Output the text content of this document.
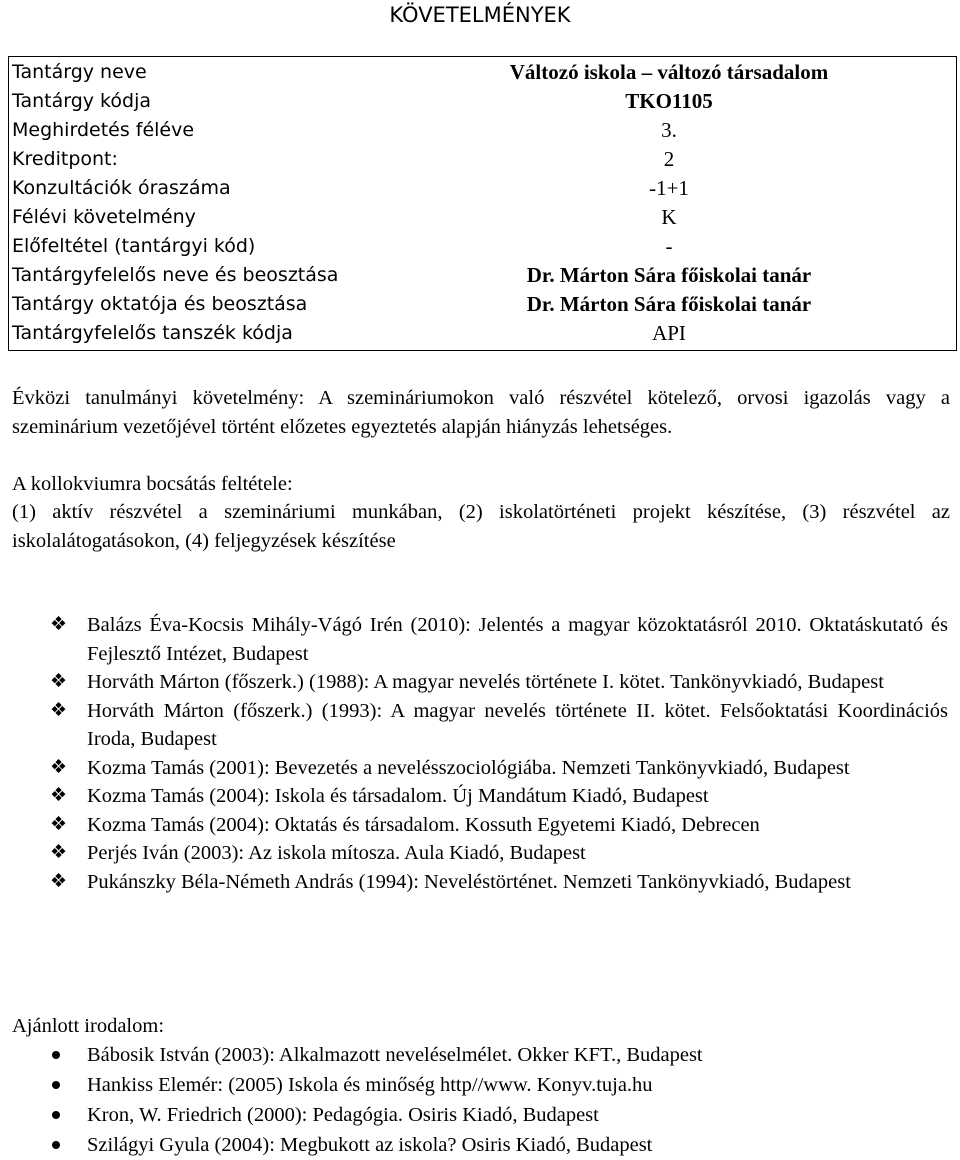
KÖVETELMÉNYEK
Tantárgy neve	Változó iskola – változó társadalom
Tantárgy kódja	TKO1105
Meghirdetés féléve	3.
Kreditpont:	2
Konzultációk óraszáma	-1+1
Félévi követelmény	K
Előfeltétel (tantárgyi kód)	-
Tantárgyfelelős neve és beosztása	Dr. Márton Sára főiskolai tanár
Tantárgy oktatója és beosztása	Dr. Márton Sára főiskolai tanár
Tantárgyfelelős tanszék kódja	API
Évközi tanulmányi követelmény: A szemináriumokon való részvétel kötelező, orvosi igazolás vagy a szeminárium vezetőjével történt előzetes egyeztetés alapján hiányzás lehetséges.
A kollokviumra bocsátás feltétele:
(1) aktív részvétel a szemináriumi munkában, (2) iskolatörténeti projekt készítése, (3) részvétel az iskolalátogatásokon, (4) feljegyzések készítése
❖ Balázs Éva-Kocsis Mihály-Vágó Irén (2010): Jelentés a magyar közoktatásról 2010. Oktatáskutató és Fejlesztő Intézet, Budapest
❖ Horváth Márton (főszerk.) (1988): A magyar nevelés története I. kötet. Tankönyvkiadó, Budapest
❖ Horváth Márton (főszerk.) (1993): A magyar nevelés története II. kötet. Felsőoktatási Koordinációs Iroda, Budapest
❖ Kozma Tamás (2001): Bevezetés a nevelésszociológiába. Nemzeti Tankönyvkiadó, Budapest
❖ Kozma Tamás (2004): Iskola és társadalom. Új Mandátum Kiadó, Budapest
❖ Kozma Tamás (2004): Oktatás és társadalom. Kossuth Egyetemi Kiadó, Debrecen
❖ Perjés Iván (2003): Az iskola mítosza. Aula Kiadó, Budapest
❖ Pukánszky Béla-Németh András (1994): Neveléstörténet. Nemzeti Tankönyvkiadó, Budapest
Ajánlott irodalom:
Bábosik István (2003): Alkalmazott neveléselmélet. Okker KFT., Budapest
Hankiss Elemér: (2005) Iskola és minőség http//www. Konyv.tuja.hu
Kron, W. Friedrich (2000): Pedagógia. Osiris Kiadó, Budapest
Szilágyi Gyula (2004): Megbukott az iskola? Osiris Kiadó, Budapest
